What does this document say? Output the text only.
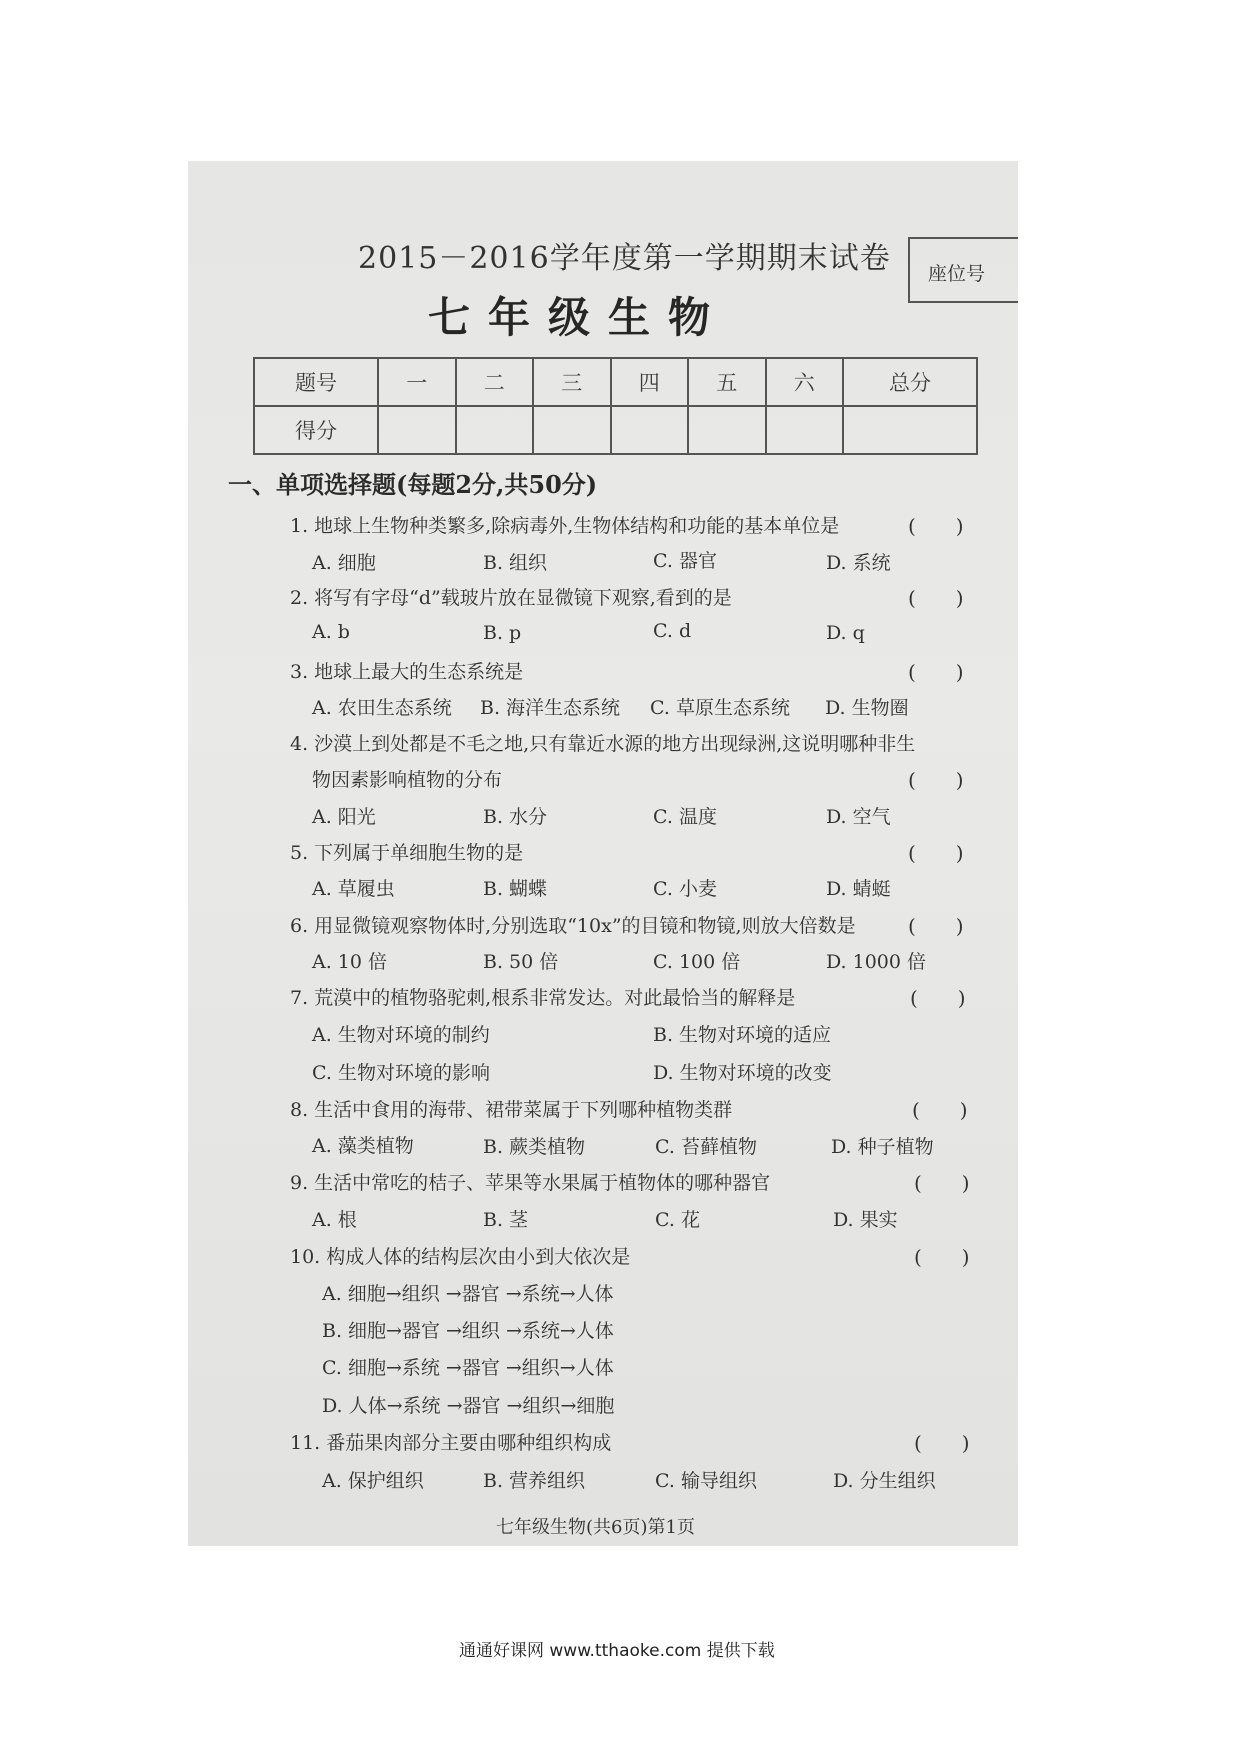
2015－2016学年度第一学期期末试卷
七年级生物
座位号
题号	一	二	三	四	五	六	总分
得分							
一、单项选择题(每题2分,共50分)
1. 地球上生物种类繁多,除病毒外,生物体结构和功能的基本单位是	(　　)
A. 细胞	B. 组织	C. 器官	D. 系统
2. 将写有字母“d”载玻片放在显微镜下观察,看到的是	(　　)
A. b	B. p	C. d	D. q
3. 地球上最大的生态系统是	(　　)
A. 农田生态系统 B. 海洋生态系统 C. 草原生态系统 D. 生物圈
4. 沙漠上到处都是不毛之地,只有靠近水源的地方出现绿洲,这说明哪种非生
物因素影响植物的分布	(　　)
A. 阳光	B. 水分	C. 温度	D. 空气
5. 下列属于单细胞生物的是	(　　)
A. 草履虫	B. 蝴蝶	C. 小麦	D. 蜻蜓
6. 用显微镜观察物体时,分别选取“10x”的目镜和物镜,则放大倍数是	(　　)
A. 10 倍	B. 50 倍	C. 100 倍	D. 1000 倍
7. 荒漠中的植物骆驼刺,根系非常发达。对此最恰当的解释是	(　　)
A. 生物对环境的制约	B. 生物对环境的适应
C. 生物对环境的影响	D. 生物对环境的改变
8. 生活中食用的海带、裙带菜属于下列哪种植物类群	(　　)
A. 藻类植物	B. 蕨类植物	C. 苔藓植物	D. 种子植物
9. 生活中常吃的桔子、苹果等水果属于植物体的哪种器官	(　　)
A. 根	B. 茎	C. 花	D. 果实
10. 构成人体的结构层次由小到大依次是	(　　)
A. 细胞→组织 →器官 →系统→人体
B. 细胞→器官 →组织 →系统→人体
C. 细胞→系统 →器官 →组织→人体
D. 人体→系统 →器官 →组织→细胞
11. 番茄果肉部分主要由哪种组织构成	(　　)
A. 保护组织	B. 营养组织	C. 输导组织	D. 分生组织
七年级生物(共6页)第1页
通通好课网 www.tthaoke.com 提供下载
